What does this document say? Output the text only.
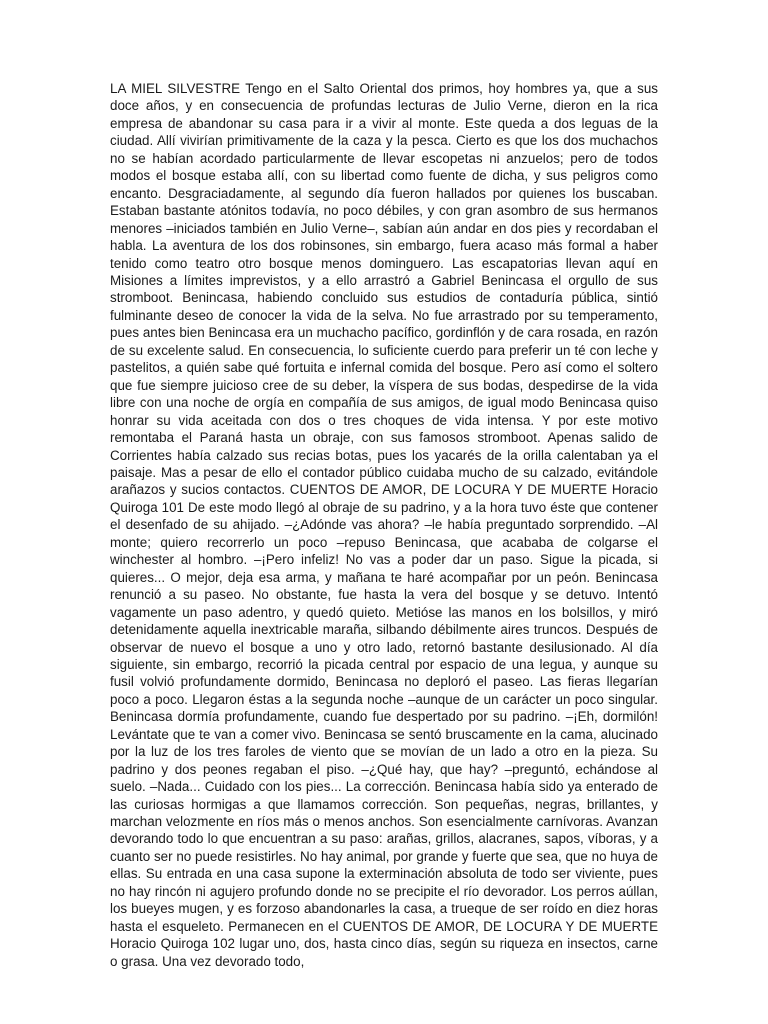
LA MIEL SILVESTRE Tengo en el Salto Oriental dos primos, hoy hombres ya, que a sus doce años, y en consecuencia de profundas lecturas de Julio Verne, dieron en la rica empresa de abandonar su casa para ir a vivir al monte. Este queda a dos leguas de la ciudad. Allí vivirían primitivamente de la caza y la pesca. Cierto es que los dos muchachos no se habían acordado particularmente de llevar escopetas ni anzuelos; pero de todos modos el bosque estaba allí, con su libertad como fuente de dicha, y sus peligros como encanto. Desgraciadamente, al segundo día fueron hallados por quienes los buscaban. Estaban bastante atónitos todavía, no poco débiles, y con gran asombro de sus hermanos menores –iniciados también en Julio Verne–, sabían aún andar en dos pies y recordaban el habla. La aventura de los dos robinsones, sin embargo, fuera acaso más formal a haber tenido como teatro otro bosque menos dominguero. Las escapatorias llevan aquí en Misiones a límites imprevistos, y a ello arrastró a Gabriel Benincasa el orgullo de sus stromboot. Benincasa, habiendo concluido sus estudios de contaduría pública, sintió fulminante deseo de conocer la vida de la selva. No fue arrastrado por su temperamento, pues antes bien Benincasa era un muchacho pacífico, gordinflón y de cara rosada, en razón de su excelente salud. En consecuencia, lo suficiente cuerdo para preferir un té con leche y pastelitos, a quién sabe qué fortuita e infernal comida del bosque. Pero así como el soltero que fue siempre juicioso cree de su deber, la víspera de sus bodas, despedirse de la vida libre con una noche de orgía en compañía de sus amigos, de igual modo Benincasa quiso honrar su vida aceitada con dos o tres choques de vida intensa. Y por este motivo remontaba el Paraná hasta un obraje, con sus famosos stromboot. Apenas salido de Corrientes había calzado sus recias botas, pues los yacarés de la orilla calentaban ya el paisaje. Mas a pesar de ello el contador público cuidaba mucho de su calzado, evitándole arañazos y sucios contactos. CUENTOS DE AMOR, DE LOCURA Y DE MUERTE Horacio Quiroga 101 De este modo llegó al obraje de su padrino, y a la hora tuvo éste que contener el desenfado de su ahijado. –¿Adónde vas ahora? –le había preguntado sorprendido. –Al monte; quiero recorrerlo un poco –repuso Benincasa, que acababa de colgarse el winchester al hombro. –¡Pero infeliz! No vas a poder dar un paso. Sigue la picada, si quieres... O mejor, deja esa arma, y mañana te haré acompañar por un peón. Benincasa renunció a su paseo. No obstante, fue hasta la vera del bosque y se detuvo. Intentó vagamente un paso adentro, y quedó quieto. Metióse las manos en los bolsillos, y miró detenidamente aquella inextricable maraña, silbando débilmente aires truncos. Después de observar de nuevo el bosque a uno y otro lado, retornó bastante desilusionado. Al día siguiente, sin embargo, recorrió la picada central por espacio de una legua, y aunque su fusil volvió profundamente dormido, Benincasa no deploró el paseo. Las fieras llegarían poco a poco. Llegaron éstas a la segunda noche –aunque de un carácter un poco singular. Benincasa dormía profundamente, cuando fue despertado por su padrino. –¡Eh, dormilón! Levántate que te van a comer vivo. Benincasa se sentó bruscamente en la cama, alucinado por la luz de los tres faroles de viento que se movían de un lado a otro en la pieza. Su padrino y dos peones regaban el piso. –¿Qué hay, que hay? –preguntó, echándose al suelo. –Nada... Cuidado con los pies... La corrección. Benincasa había sido ya enterado de las curiosas hormigas a que llamamos corrección. Son pequeñas, negras, brillantes, y marchan velozmente en ríos más o menos anchos. Son esencialmente carnívoras. Avanzan devorando todo lo que encuentran a su paso: arañas, grillos, alacranes, sapos, víboras, y a cuanto ser no puede resistirles. No hay animal, por grande y fuerte que sea, que no huya de ellas. Su entrada en una casa supone la exterminación absoluta de todo ser viviente, pues no hay rincón ni agujero profundo donde no se precipite el río devorador. Los perros aúllan, los bueyes mugen, y es forzoso abandonarles la casa, a trueque de ser roído en diez horas hasta el esqueleto. Permanecen en el CUENTOS DE AMOR, DE LOCURA Y DE MUERTE Horacio Quiroga 102 lugar uno, dos, hasta cinco días, según su riqueza en insectos, carne o grasa. Una vez devorado todo,
